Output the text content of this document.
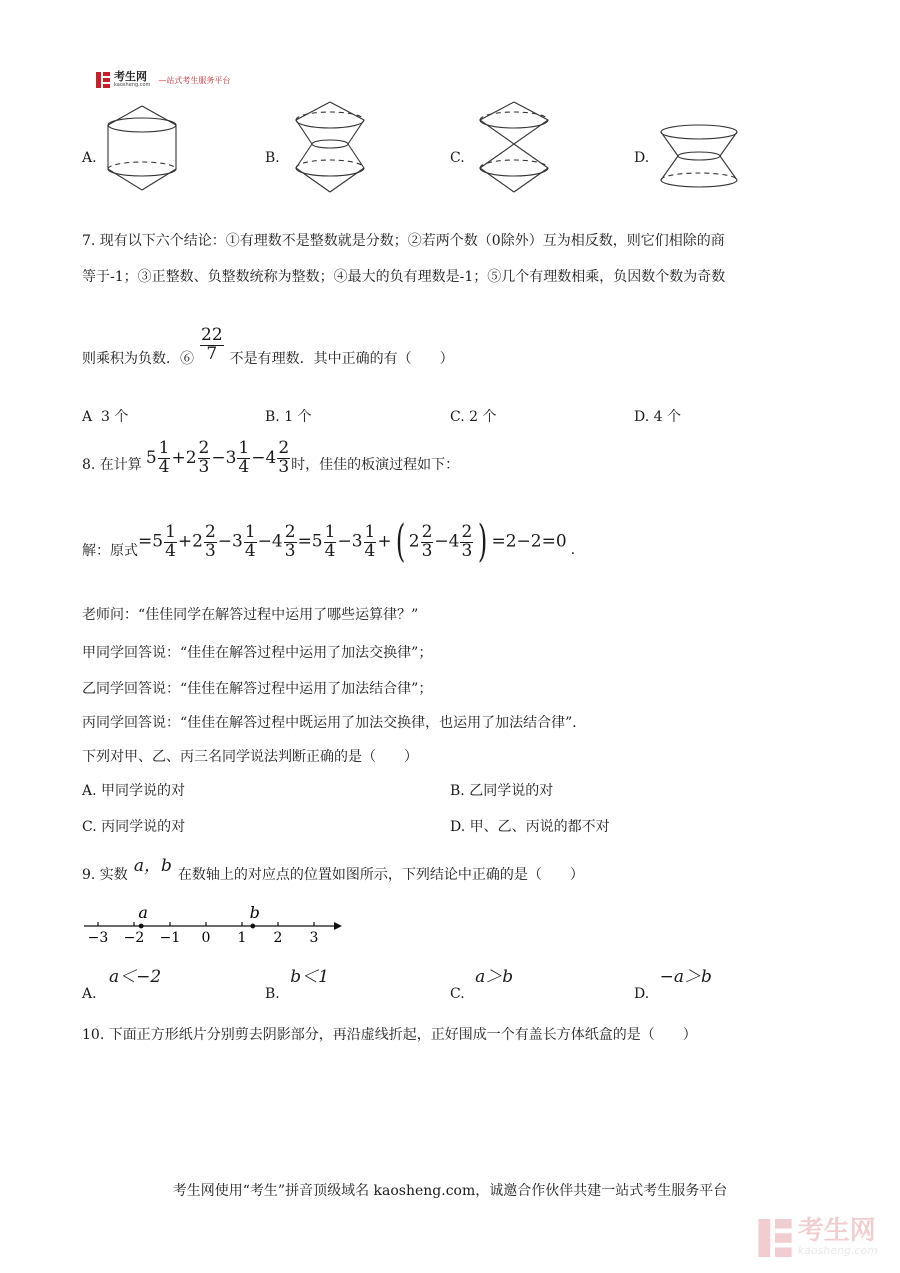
考生网
kaosheng.com
—站式考生服务平台
A.	B.	C.	D.
7. 现有以下六个结论：①有理数不是整数就是分数；②若两个数（0除外）互为相反数，则它们相除的商
等于-1；③正整数、负整数统称为整数；④最大的负有理数是-1；⑤几个有理数相乘，负因数个数为奇数
则乘积为负数．⑥ $\frac{22}{7}$ 不是有理数．其中正确的有（　　）
A 3 个	B. 1 个	C. 2 个	D. 4 个
8. 在计算 $5 \frac{1}{4} +2 \frac{2}{3} -3 \frac{1}{4} -4 \frac{2}{3}$ 时，佳佳的板演过程如下：
解：原式 $=5 \frac{1}{4} +2 \frac{2}{3} -3 \frac{1}{4} -4 \frac{2}{3} =5 \frac{1}{4} -3 \frac{1}{4}$ +( $2 \frac{2}{3} -4 \frac{2}{3}$ ) =2−2=0 .
老师问：“佳佳同学在解答过程中运用了哪些运算律？”
甲同学回答说：“佳佳在解答过程中运用了加法交换律”；
乙同学回答说：“佳佳在解答过程中运用了加法结合律”；
丙同学回答说：“佳佳在解答过程中既运用了加法交换律，也运用了加法结合律”．
下列对甲、乙、丙三名同学说法判断正确的是（　　）
A. 甲同学说的对	B. 乙同学说的对
C. 丙同学说的对	D. 甲、乙、丙说的都不对
9. 实数 a，b 在数轴上的对应点的位置如图所示，下列结论中正确的是（　　）
−3 −2 −1 0 1 2 3
a	b
A. a＜−2
B. b＜1
C. a＞b
D. −a＞b
10. 下面正方形纸片分别剪去阴影部分，再沿虚线折起，正好围成一个有盖长方体纸盒的是（　　）
考生网使用“考生”拼音顶级域名 kaosheng.com，诚邀合作伙伴共建一站式考生服务平台
考生网
kaosheng.com
